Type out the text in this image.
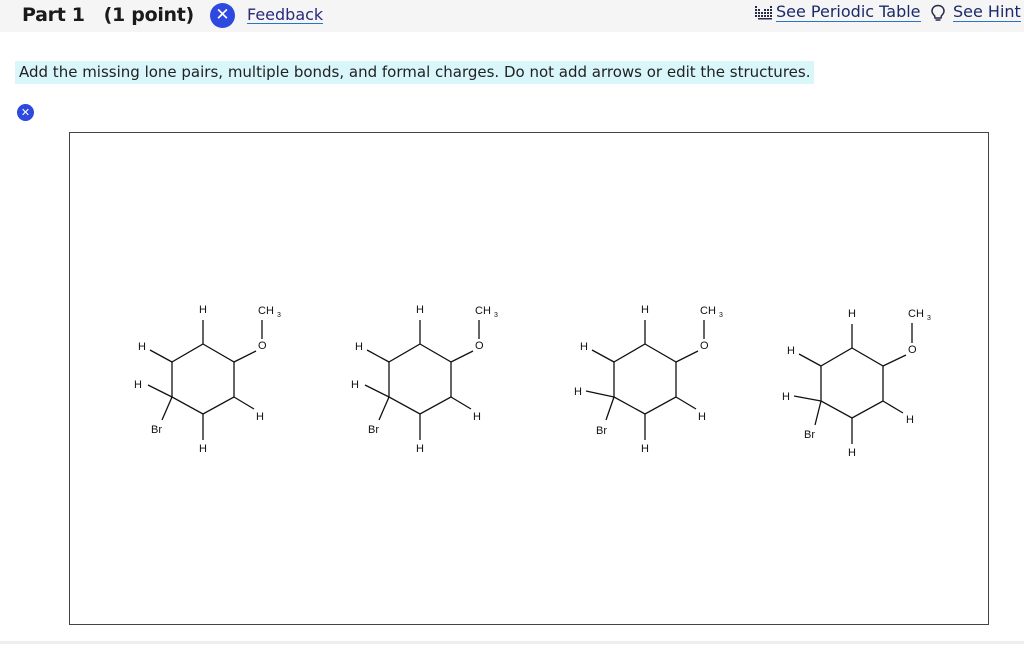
Part 1   (1 point)	✕	Feedback	See Periodic Table See Hint
Add the missing lone pairs, multiple bonds, and formal charges. Do not add arrows or edit the structures.
✕
H
H
H
Br
H
H
O
CH 3	H
H
H
Br
H
H
O
CH 3	H
H
H
Br
H
H
O
CH 3	H
H
H
Br
H
H
O
CH 3
